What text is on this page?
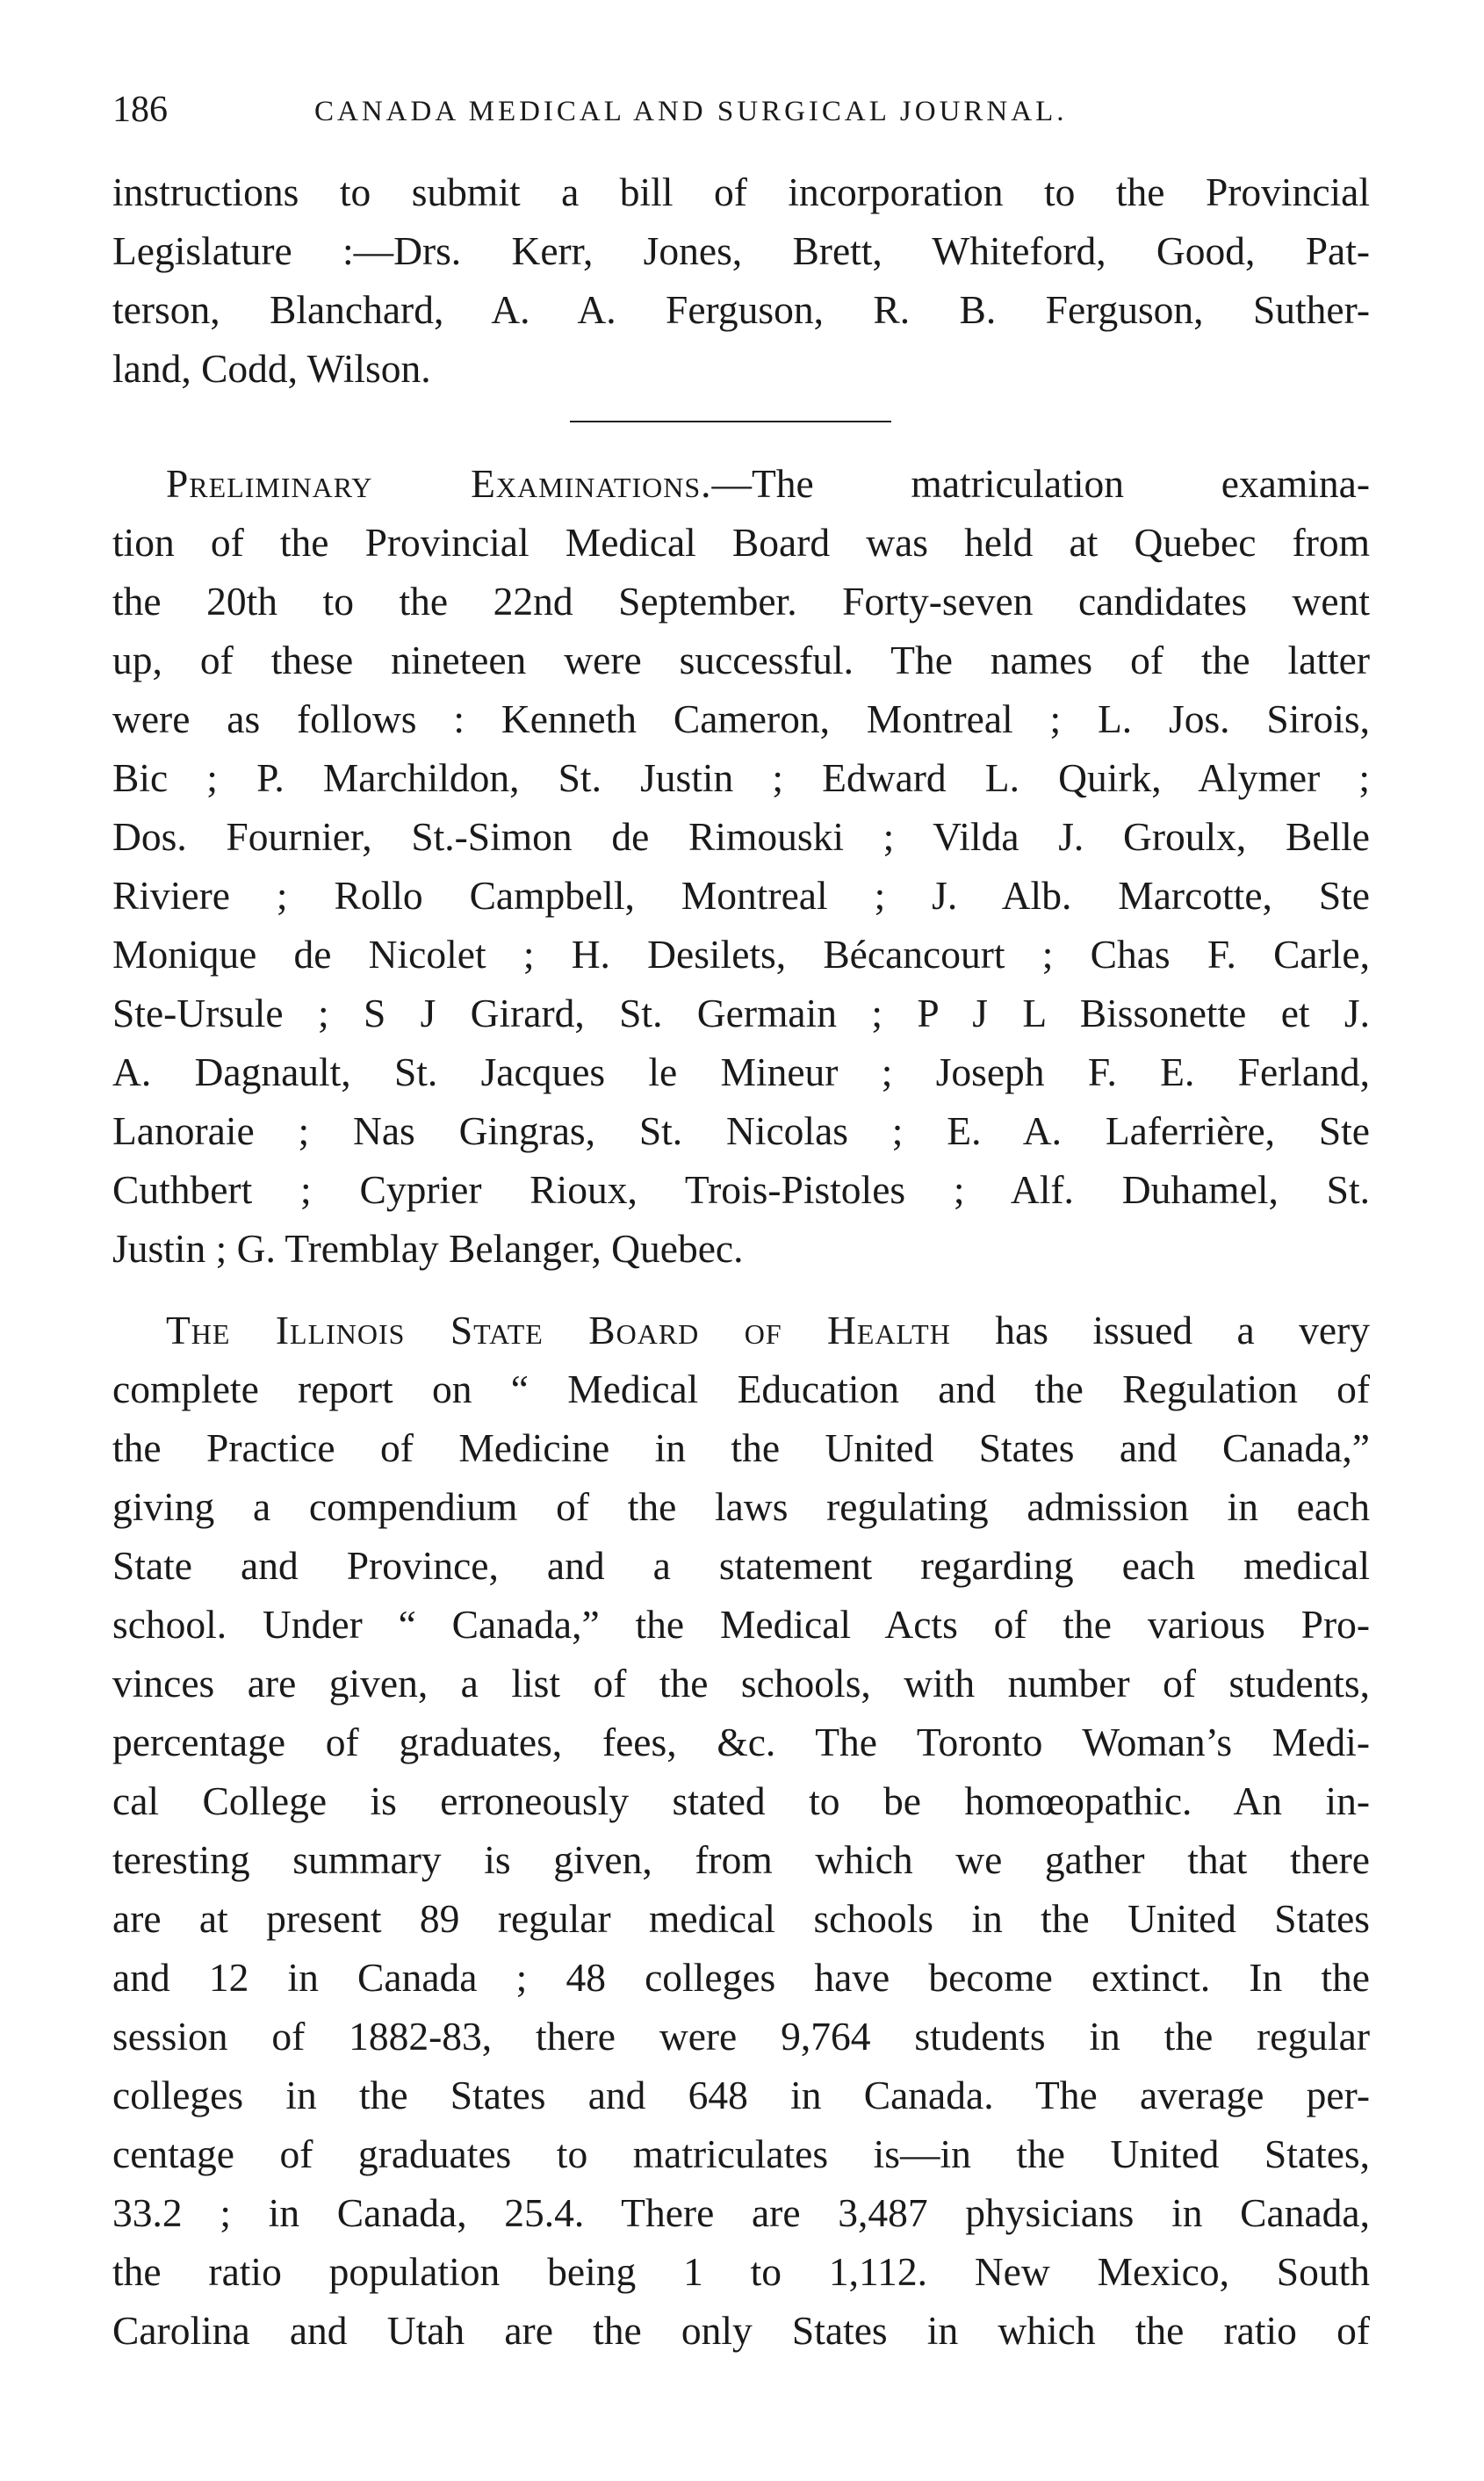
186	CANADA MEDICAL AND SURGICAL JOURNAL.
instructions to submit a bill of incorporation to the Provincial
Legislature :—Drs. Kerr, Jones, Brett, Whiteford, Good, Pat-
terson, Blanchard, A. A. Ferguson, R. B. Ferguson, Suther-
land, Codd, Wilson.
Preliminary Examinations.—The matriculation examina-
tion of the Provincial Medical Board was held at Quebec from
the 20th to the 22nd September. Forty-seven candidates went
up, of these nineteen were successful. The names of the latter
were as follows : Kenneth Cameron, Montreal ; L. Jos. Sirois,
Bic ; P. Marchildon, St. Justin ; Edward L. Quirk, Alymer ;
Dos. Fournier, St.-Simon de Rimouski ; Vilda J. Groulx, Belle
Riviere ; Rollo Campbell, Montreal ; J. Alb. Marcotte, Ste
Monique de Nicolet ; H. Desilets, Bécancourt ; Chas F. Carle,
Ste-Ursule ; S J Girard, St. Germain ; P J L Bissonette et J.
A. Dagnault, St. Jacques le Mineur ; Joseph F. E. Ferland,
Lanoraie ; Nas Gingras, St. Nicolas ; E. A. Laferrière, Ste
Cuthbert ; Cyprier Rioux, Trois-Pistoles ; Alf. Duhamel, St.
Justin ; G. Tremblay Belanger, Quebec.
The Illinois State Board of Health has issued a very
complete report on “ Medical Education and the Regulation of
the Practice of Medicine in the United States and Canada,”
giving a compendium of the laws regulating admission in each
State and Province, and a statement regarding each medical
school. Under “ Canada,” the Medical Acts of the various Pro-
vinces are given, a list of the schools, with number of students,
percentage of graduates, fees, &c. The Toronto Woman’s Medi-
cal College is erroneously stated to be homœopathic. An in-
teresting summary is given, from which we gather that there
are at present 89 regular medical schools in the United States
and 12 in Canada ; 48 colleges have become extinct. In the
session of 1882-83, there were 9,764 students in the regular
colleges in the States and 648 in Canada. The average per-
centage of graduates to matriculates is—in the United States,
33.2 ; in Canada, 25.4. There are 3,487 physicians in Canada,
the ratio population being 1 to 1,112. New Mexico, South
Carolina and Utah are the only States in which the ratio of
